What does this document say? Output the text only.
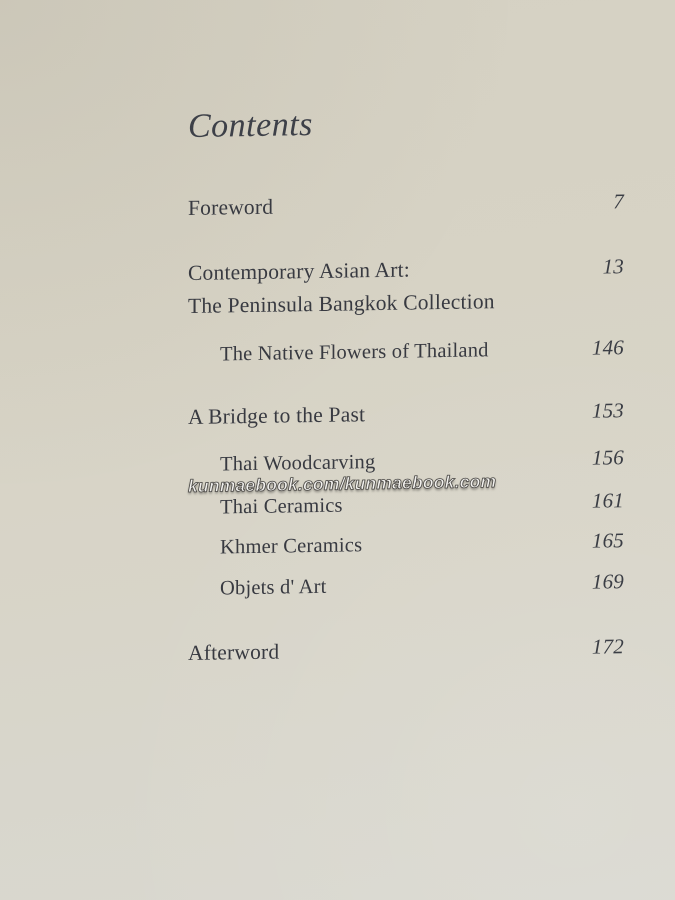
Contents
Foreword	7
Contemporary Asian Art:	13
The Peninsula Bangkok Collection
The Native Flowers of Thailand	146
A Bridge to the Past	153
Thai Woodcarving	156
kunmaebook.com/kunmaebook.com
Thai Ceramics	161
Khmer Ceramics	165
Objets d' Art	169
Afterword	172
